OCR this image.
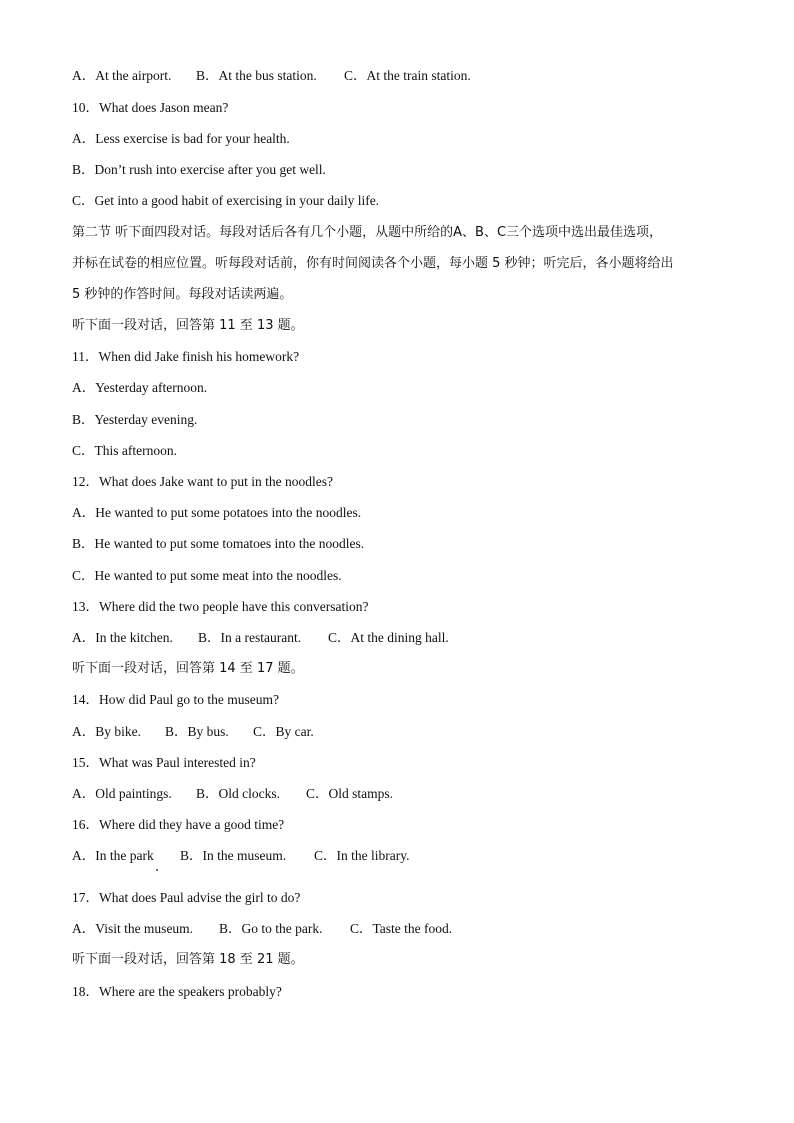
A．At the airport. B．At the bus station. C．At the train station.
10．What does Jason mean?
A．Less exercise is bad for your health.
B．Don’t rush into exercise after you get well.
C．Get into a good habit of exercising in your daily life.
第二节 听下面四段对话。每段对话后各有几个小题，从题中所给的A、B、C三个选项中选出最佳选项，
并标在试卷的相应位置。听每段对话前，你有时间阅读各个小题，每小题 5 秒钟；听完后，各小题将给出
5 秒钟的作答时间。每段对话读两遍。
听下面一段对话，回答第 11 至 13 题。
11．When did Jake finish his homework?
A．Yesterday afternoon.
B．Yesterday evening.
C．This afternoon.
12．What does Jake want to put in the noodles?
A．He wanted to put some potatoes into the noodles.
B．He wanted to put some tomatoes into the noodles.
C．He wanted to put some meat into the noodles.
13．Where did the two people have this conversation?
A．In the kitchen. B．In a restaurant. C．At the dining hall.
听下面一段对话，回答第 14 至 17 题。
14．How did Paul go to the museum?
A．By bike. B．By bus. C．By car.
15．What was Paul interested in?
A．Old paintings. B．Old clocks. C．Old stamps.
16．Where did they have a good time?
A．In the park B．In the museum. C．In the library.
17．What does Paul advise the girl to do?
A．Visit the museum. B．Go to the park. C．Taste the food.
听下面一段对话，回答第 18 至 21 题。
18．Where are the speakers probably?
